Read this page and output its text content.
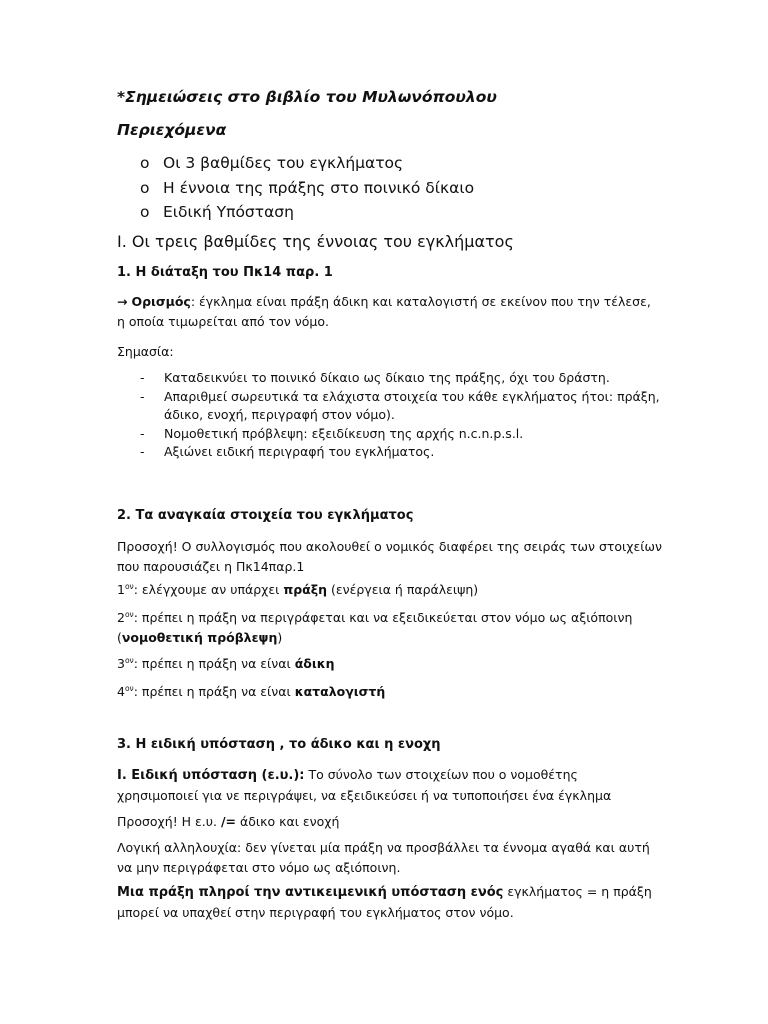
*Σημειώσεις στο βιβλίο του Μυλωνόπουλου
Περιεχόμενα
o Οι 3 βαθμίδες του εγκλήματος
o Η έννοια της πράξης στο ποινικό δίκαιο
o Ειδική Υπόσταση
Ι. Οι τρεις βαθμίδες της έννοιας του εγκλήματος
1. Η διάταξη του Πκ14 παρ. 1
→ Ορισμός: έγκλημα είναι πράξη άδικη και καταλογιστή σε εκείνον που την τέλεσε, η οποία τιμωρείται από τον νόμο.
Σημασία:
- Καταδεικνύει το ποινικό δίκαιο ως δίκαιο της πράξης, όχι του δράστη.
- Απαριθμεί σωρευτικά τα ελάχιστα στοιχεία του κάθε εγκλήματος ήτοι: πράξη, άδικο, ενοχή, περιγραφή στον νόμο).
- Νομοθετική πρόβλεψη: εξειδίκευση της αρχής n.c.n.p.s.l.
- Αξιώνει ειδική περιγραφή του εγκλήματος.
2. Τα αναγκαία στοιχεία του εγκλήματος
Προσοχή! Ο συλλογισμός που ακολουθεί ο νομικός διαφέρει της σειράς των στοιχείων που παρουσιάζει η Πκ14παρ.1
$1^{o\nu}$: ελέγχουμε αν υπάρχει πράξη (ενέργεια ή παράλειψη)
$2^{o\nu}$: πρέπει η πράξη να περιγράφεται και να εξειδικεύεται στον νόμο ως αξιόποινη (νομοθετική πρόβλεψη)
$3^{o\nu}$: πρέπει η πράξη να είναι άδικη
$4^{o\nu}$: πρέπει η πράξη να είναι καταλογιστή
3. Η ειδική υπόσταση , το άδικο και η ενοχη
Ι. Ειδική υπόσταση (ε.υ.): Το σύνολο των στοιχείων που ο νομοθέτης χρησιμοποιεί για νε περιγράψει, να εξειδικεύσει ή να τυποποιήσει ένα έγκλημα
Προσοχή! Η ε.υ. /= άδικο και ενοχή
Λογική αλληλουχία: δεν γίνεται μία πράξη να προσβάλλει τα έννομα αγαθά και αυτή να μην περιγράφεται στο νόμο ως αξιόποινη.
Μια πράξη πληροί την αντικειμενική υπόσταση ενός εγκλήματος = η πράξη μπορεί να υπαχθεί στην περιγραφή του εγκλήματος στον νόμο.
